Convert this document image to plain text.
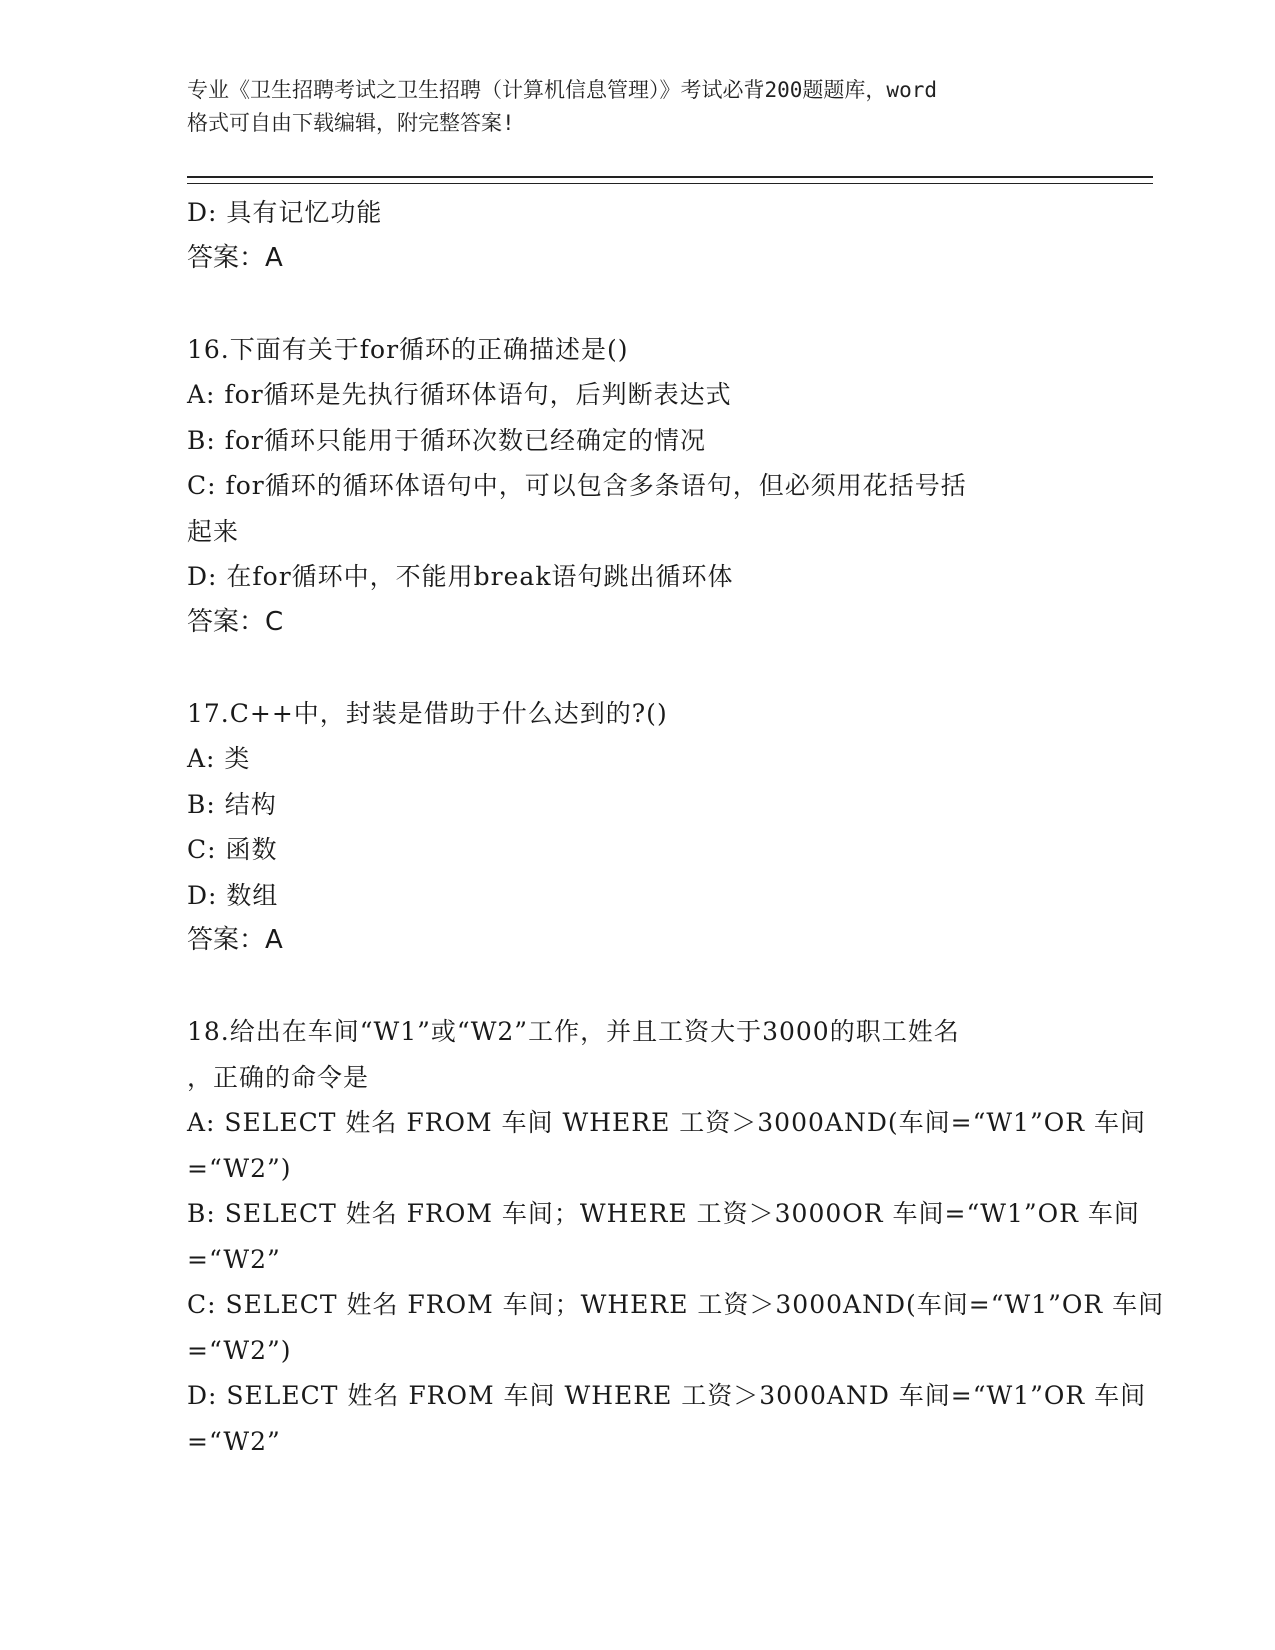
专业《卫生招聘考试之卫生招聘（计算机信息管理）》考试必背200题题库，word
格式可自由下载编辑，附完整答案!
D: 具有记忆功能
答案：A
16.下面有关于for循环的正确描述是()
A: for循环是先执行循环体语句，后判断表达式
B: for循环只能用于循环次数已经确定的情况
C: for循环的循环体语句中，可以包含多条语句，但必须用花括号括
起来
D: 在for循环中，不能用break语句跳出循环体
答案：C
17.C++中，封装是借助于什么达到的?()
A: 类
B: 结构
C: 函数
D: 数组
答案：A
18.给出在车间“W1”或“W2”工作，并且工资大于3000的职工姓名
，正确的命令是
A: SELECT 姓名 FROM 车间 WHERE 工资＞3000AND(车间=“W1”OR 车间
=“W2”)
B: SELECT 姓名 FROM 车间；WHERE 工资＞3000OR 车间=“W1”OR 车间
=“W2”
C: SELECT 姓名 FROM 车间；WHERE 工资＞3000AND(车间=“W1”OR 车间
=“W2”)
D: SELECT 姓名 FROM 车间 WHERE 工资＞3000AND 车间=“W1”OR 车间
=“W2”
